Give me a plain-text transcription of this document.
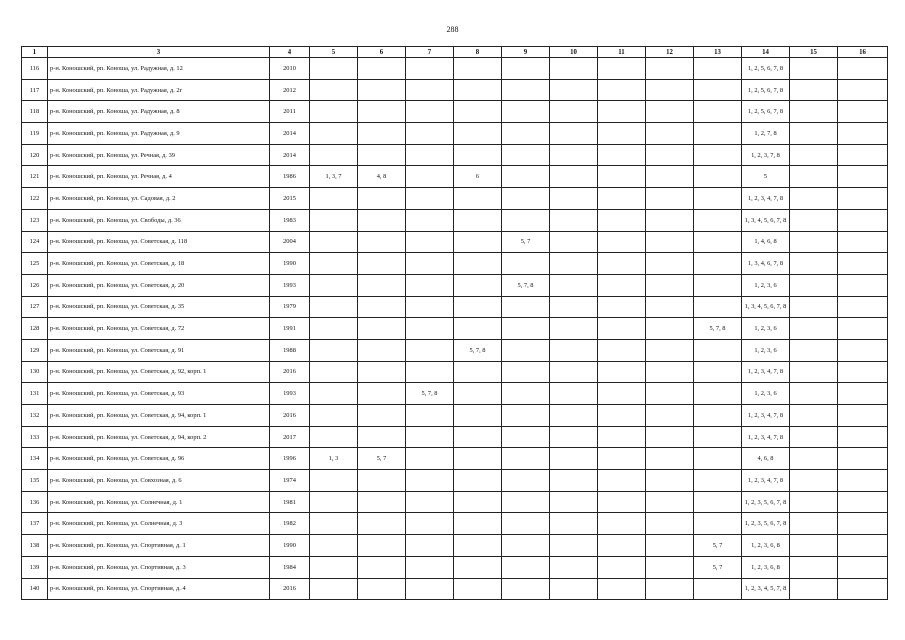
288
1	3	4	5	6	7	8	9	10	11	12	13	14	15	16
116	р-н. Коношский, рп. Коноша, ул. Радужная, д. 12	2010										1, 2, 5, 6, 7, 8		
117	р-н. Коношский, рп. Коноша, ул. Радужная, д. 2г	2012										1, 2, 5, 6, 7, 8		
118	р-н. Коношский, рп. Коноша, ул. Радужная, д. 8	2011										1, 2, 5, 6, 7, 8		
119	р-н. Коношский, рп. Коноша, ул. Радужная, д. 9	2014										1, 2, 7, 8		
120	р-н. Коношский, рп. Коноша, ул. Речная, д. 39	2014										1, 2, 3, 7, 8		
121	р-н. Коношский, рп. Коноша, ул. Речная, д. 4	1986	1, 3, 7	4, 8		6						5		
122	р-н. Коношский, рп. Коноша, ул. Садовая, д. 2	2015										1, 2, 3, 4, 7, 8		
123	р-н. Коношский, рп. Коноша, ул. Свободы, д. 36	1983										1, 3, 4, 5, 6, 7, 8		
124	р-н. Коношский, рп. Коноша, ул. Советская, д. 118	2004					5, 7					1, 4, 6, 8		
125	р-н. Коношский, рп. Коноша, ул. Советская, д. 18	1990										1, 3, 4, 6, 7, 8		
126	р-н. Коношский, рп. Коноша, ул. Советская, д. 20	1993					5, 7, 8					1, 2, 3, 6		
127	р-н. Коношский, рп. Коноша, ул. Советская, д. 35	1979										1, 3, 4, 5, 6, 7, 8		
128	р-н. Коношский, рп. Коноша, ул. Советская, д. 72	1991									5, 7, 8	1, 2, 3, 6		
129	р-н. Коношский, рп. Коноша, ул. Советская, д. 91	1988				5, 7, 8						1, 2, 3, 6		
130	р-н. Коношский, рп. Коноша, ул. Советская, д. 92, корп. 1	2016										1, 2, 3, 4, 7, 8		
131	р-н. Коношский, рп. Коноша, ул. Советская, д. 93	1993			5, 7, 8							1, 2, 3, 6		
132	р-н. Коношский, рп. Коноша, ул. Советская, д. 94, корп. 1	2016										1, 2, 3, 4, 7, 8		
133	р-н. Коношский, рп. Коноша, ул. Советская, д. 94, корп. 2	2017										1, 2, 3, 4, 7, 8		
134	р-н. Коношский, рп. Коноша, ул. Советская, д. 96	1996	1, 3	5, 7								4, 6, 8		
135	р-н. Коношский, рп. Коноша, ул. Совхозная, д. 6	1974										1, 2, 3, 4, 7, 8		
136	р-н. Коношский, рп. Коноша, ул. Солнечная, д. 1	1981										1, 2, 3, 5, 6, 7, 8		
137	р-н. Коношский, рп. Коноша, ул. Солнечная, д. 3	1982										1, 2, 3, 5, 6, 7, 8		
138	р-н. Коношский, рп. Коноша, ул. Спортивная, д. 1	1990									5, 7	1, 2, 3, 6, 8		
139	р-н. Коношский, рп. Коноша, ул. Спортивная, д. 3	1984									5, 7	1, 2, 3, 6, 8		
140	р-н. Коношский, рп. Коноша, ул. Спортивная, д. 4	2016										1, 2, 3, 4, 5, 7, 8		
